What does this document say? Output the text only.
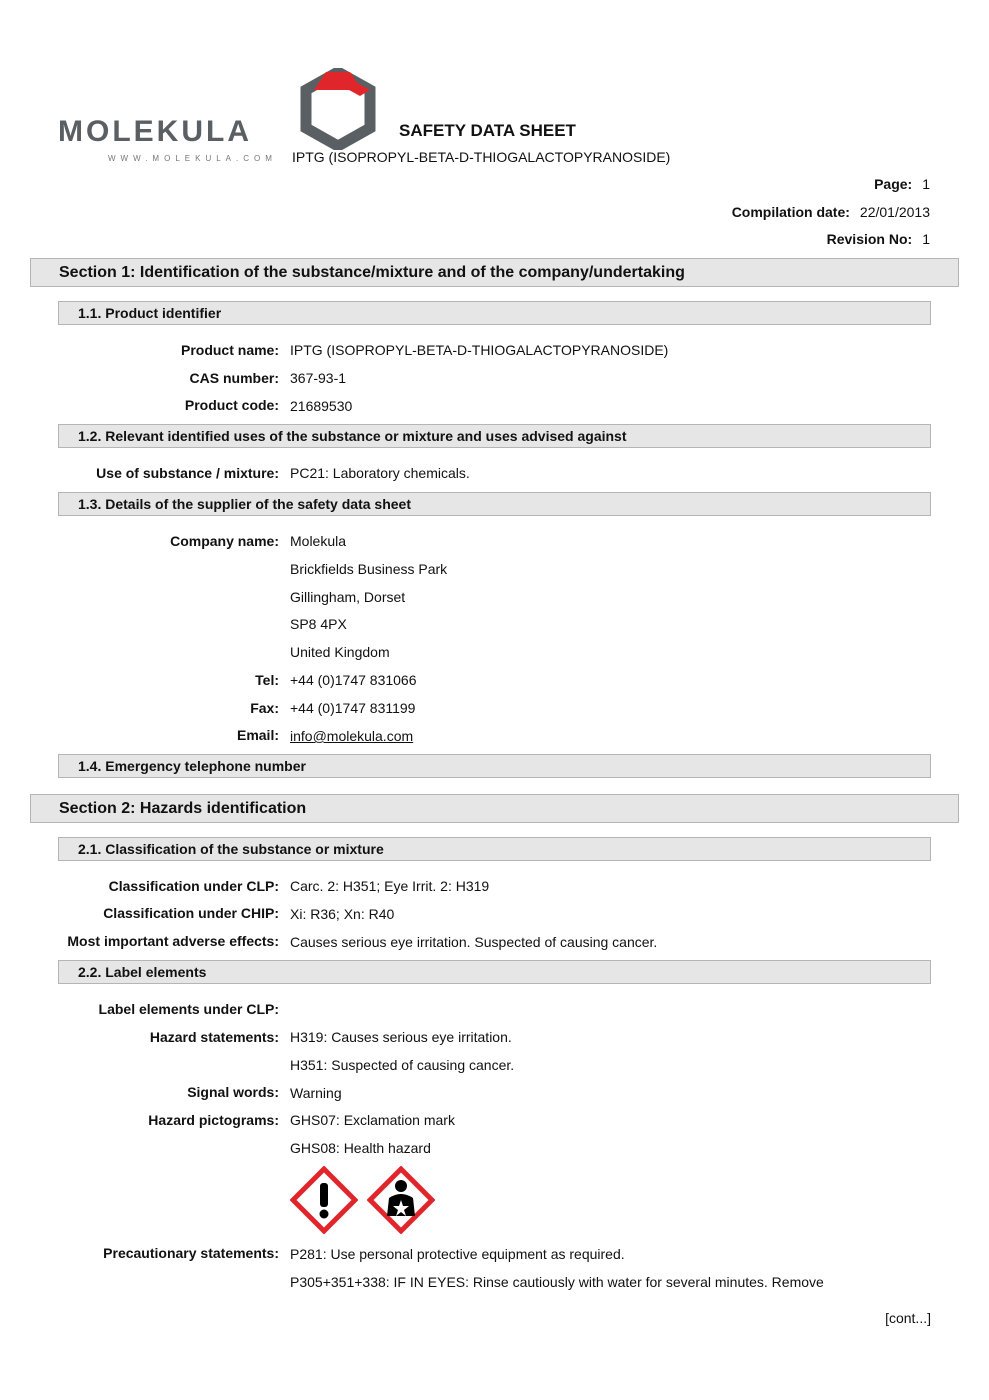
MOLEKULA
WWW.MOLEKULA.COM
SAFETY DATA SHEET
IPTG (ISOPROPYL-BETA-D-THIOGALACTOPYRANOSIDE)
Page: 1
Compilation date: 22/01/2013
Revision No: 1
Section 1: Identification of the substance/mixture and of the company/undertaking
1.1. Product identifier
Product name: IPTG (ISOPROPYL-BETA-D-THIOGALACTOPYRANOSIDE)
CAS number: 367-93-1
Product code: 21689530
1.2. Relevant identified uses of the substance or mixture and uses advised against
Use of substance / mixture: PC21: Laboratory chemicals.
1.3. Details of the supplier of the safety data sheet
Company name: Molekula
Brickfields Business Park
Gillingham, Dorset
SP8 4PX
United Kingdom
Tel: +44 (0)1747 831066
Fax: +44 (0)1747 831199
Email: info@molekula.com
1.4. Emergency telephone number
Section 2: Hazards identification
2.1. Classification of the substance or mixture
Classification under CLP: Carc. 2: H351; Eye Irrit. 2: H319
Classification under CHIP: Xi: R36; Xn: R40
Most important adverse effects: Causes serious eye irritation. Suspected of causing cancer.
2.2. Label elements
Label elements under CLP:
Hazard statements: H319: Causes serious eye irritation.
H351: Suspected of causing cancer.
Signal words: Warning
Hazard pictograms: GHS07: Exclamation mark
GHS08: Health hazard
Precautionary statements: P281: Use personal protective equipment as required.
P305+351+338: IF IN EYES: Rinse cautiously with water for several minutes. Remove
[cont...]
